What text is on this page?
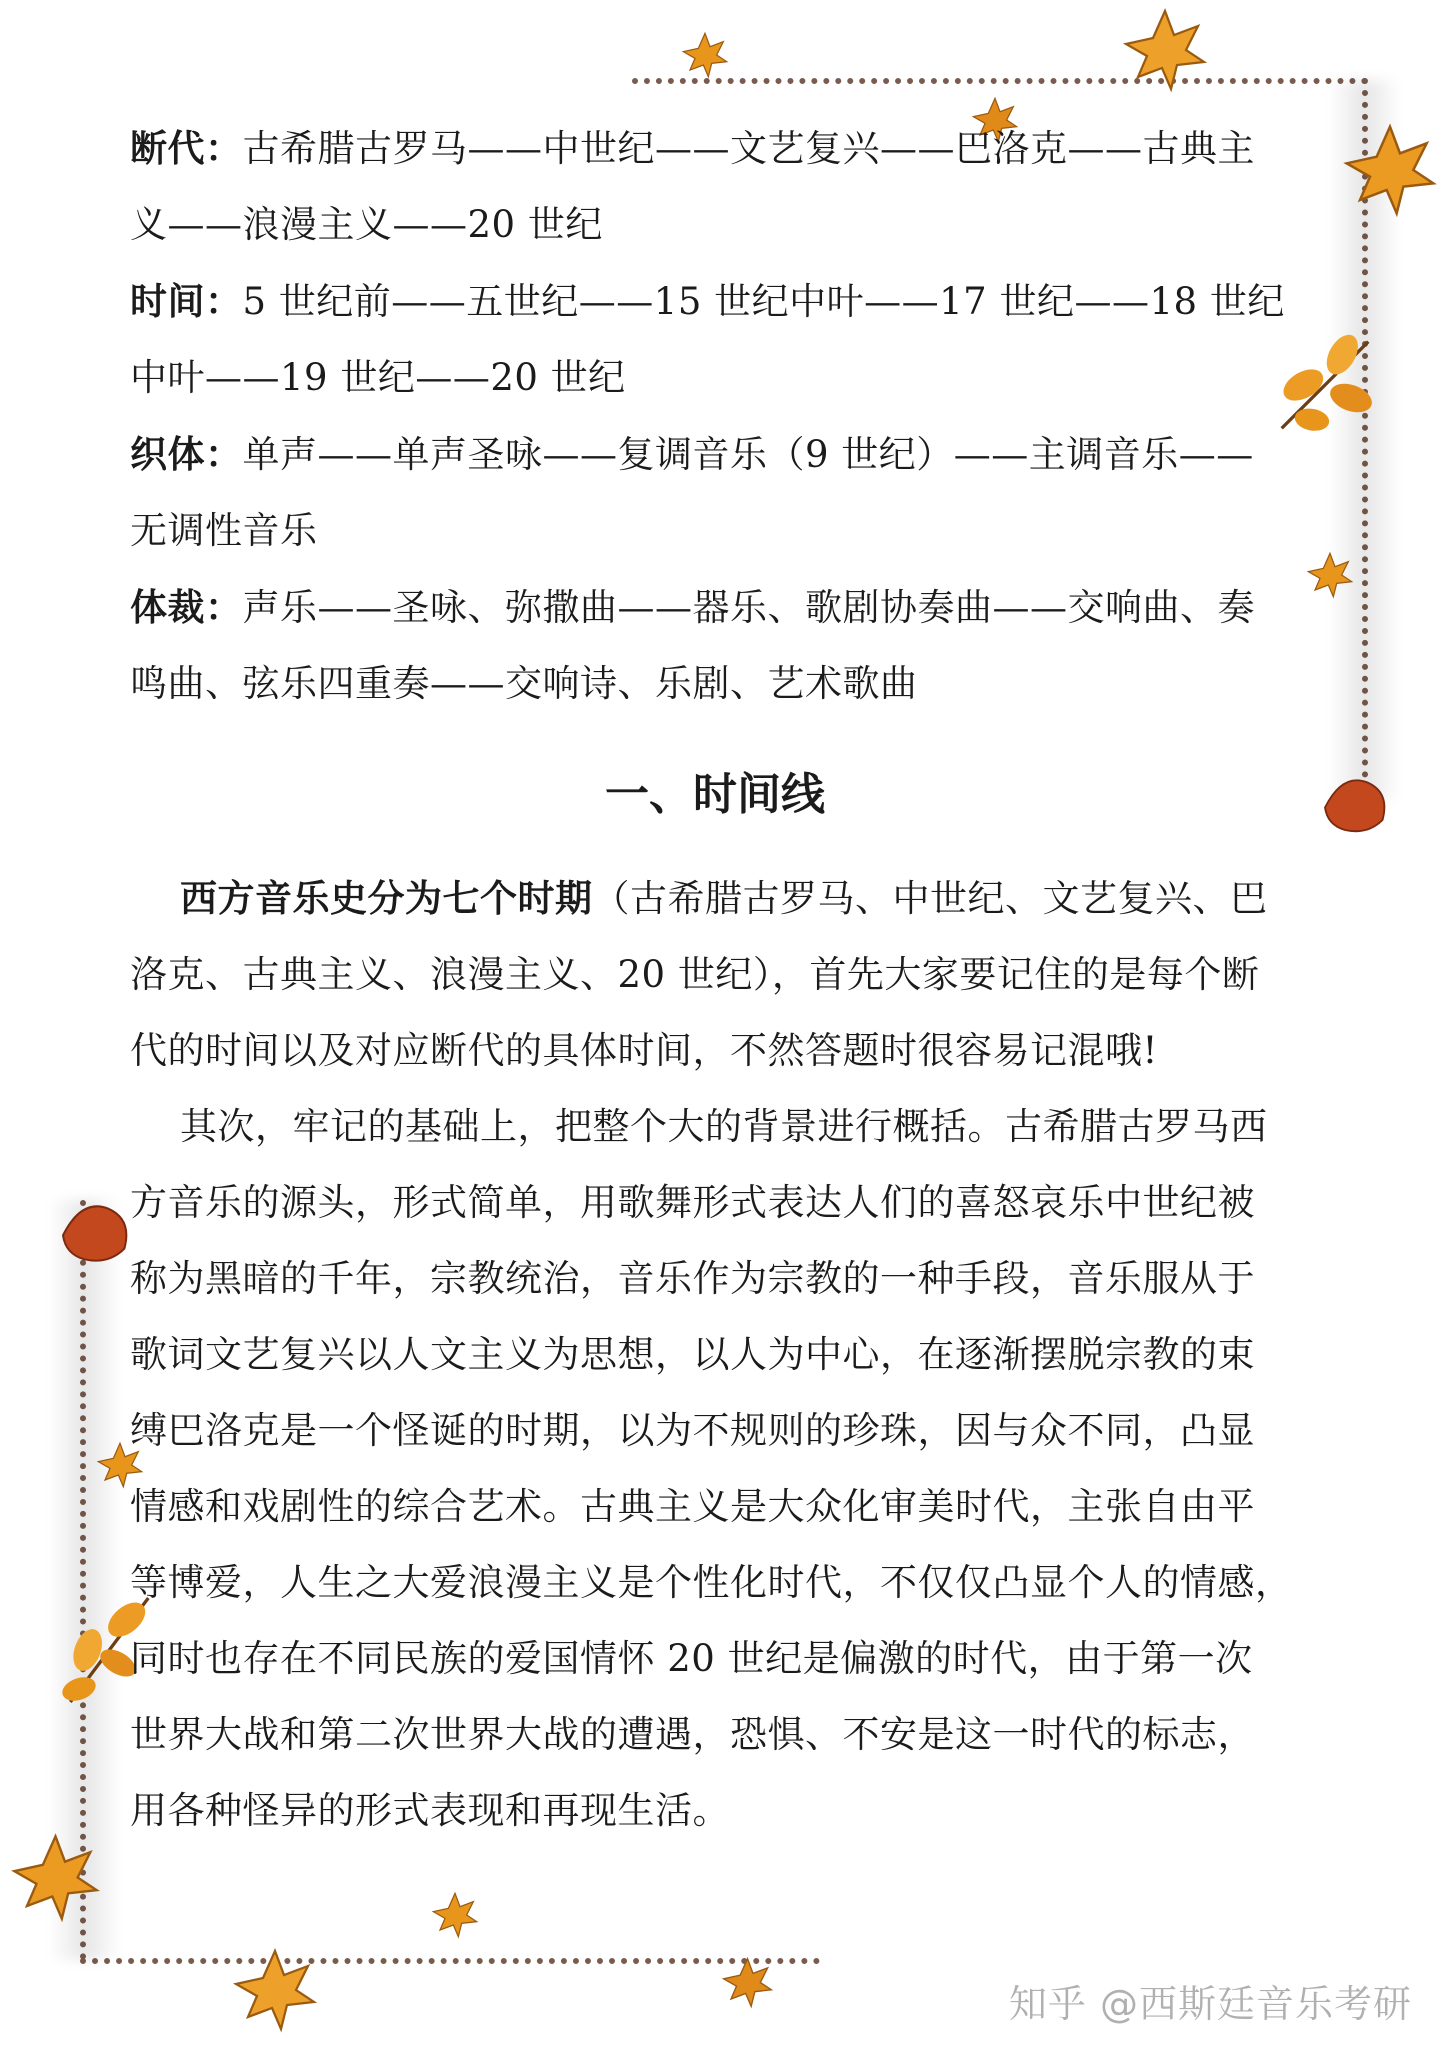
断代：古希腊古罗马——中世纪——文艺复兴——巴洛克——古典主

义——浪漫主义——20 世纪

时间：5 世纪前——五世纪——15 世纪中叶——17 世纪——18 世纪

中叶——19 世纪——20 世纪

织体：单声——单声圣咏——复调音乐（9 世纪）——主调音乐——

无调性音乐

体裁：声乐——圣咏、弥撒曲——器乐、歌剧协奏曲——交响曲、奏

鸣曲、弦乐四重奏——交响诗、乐剧、艺术歌曲

一、时间线

西方音乐史分为七个时期（古希腊古罗马、中世纪、文艺复兴、巴

洛克、古典主义、浪漫主义、20 世纪），首先大家要记住的是每个断

代的时间以及对应断代的具体时间，不然答题时很容易记混哦!

其次，牢记的基础上，把整个大的背景进行概括。古希腊古罗马西

方音乐的源头，形式简单，用歌舞形式表达人们的喜怒哀乐中世纪被

称为黑暗的千年，宗教统治，音乐作为宗教的一种手段，音乐服从于

歌词文艺复兴以人文主义为思想，以人为中心，在逐渐摆脱宗教的束

缚巴洛克是一个怪诞的时期，以为不规则的珍珠，因与众不同，凸显

情感和戏剧性的综合艺术。古典主义是大众化审美时代，主张自由平

等博爱，人生之大爱浪漫主义是个性化时代，不仅仅凸显个人的情感，

同时也存在不同民族的爱国情怀 20 世纪是偏激的时代，由于第一次

世界大战和第二次世界大战的遭遇，恐惧、不安是这一时代的标志，

用各种怪异的形式表现和再现生活。

知乎 @西斯廷音乐考研
